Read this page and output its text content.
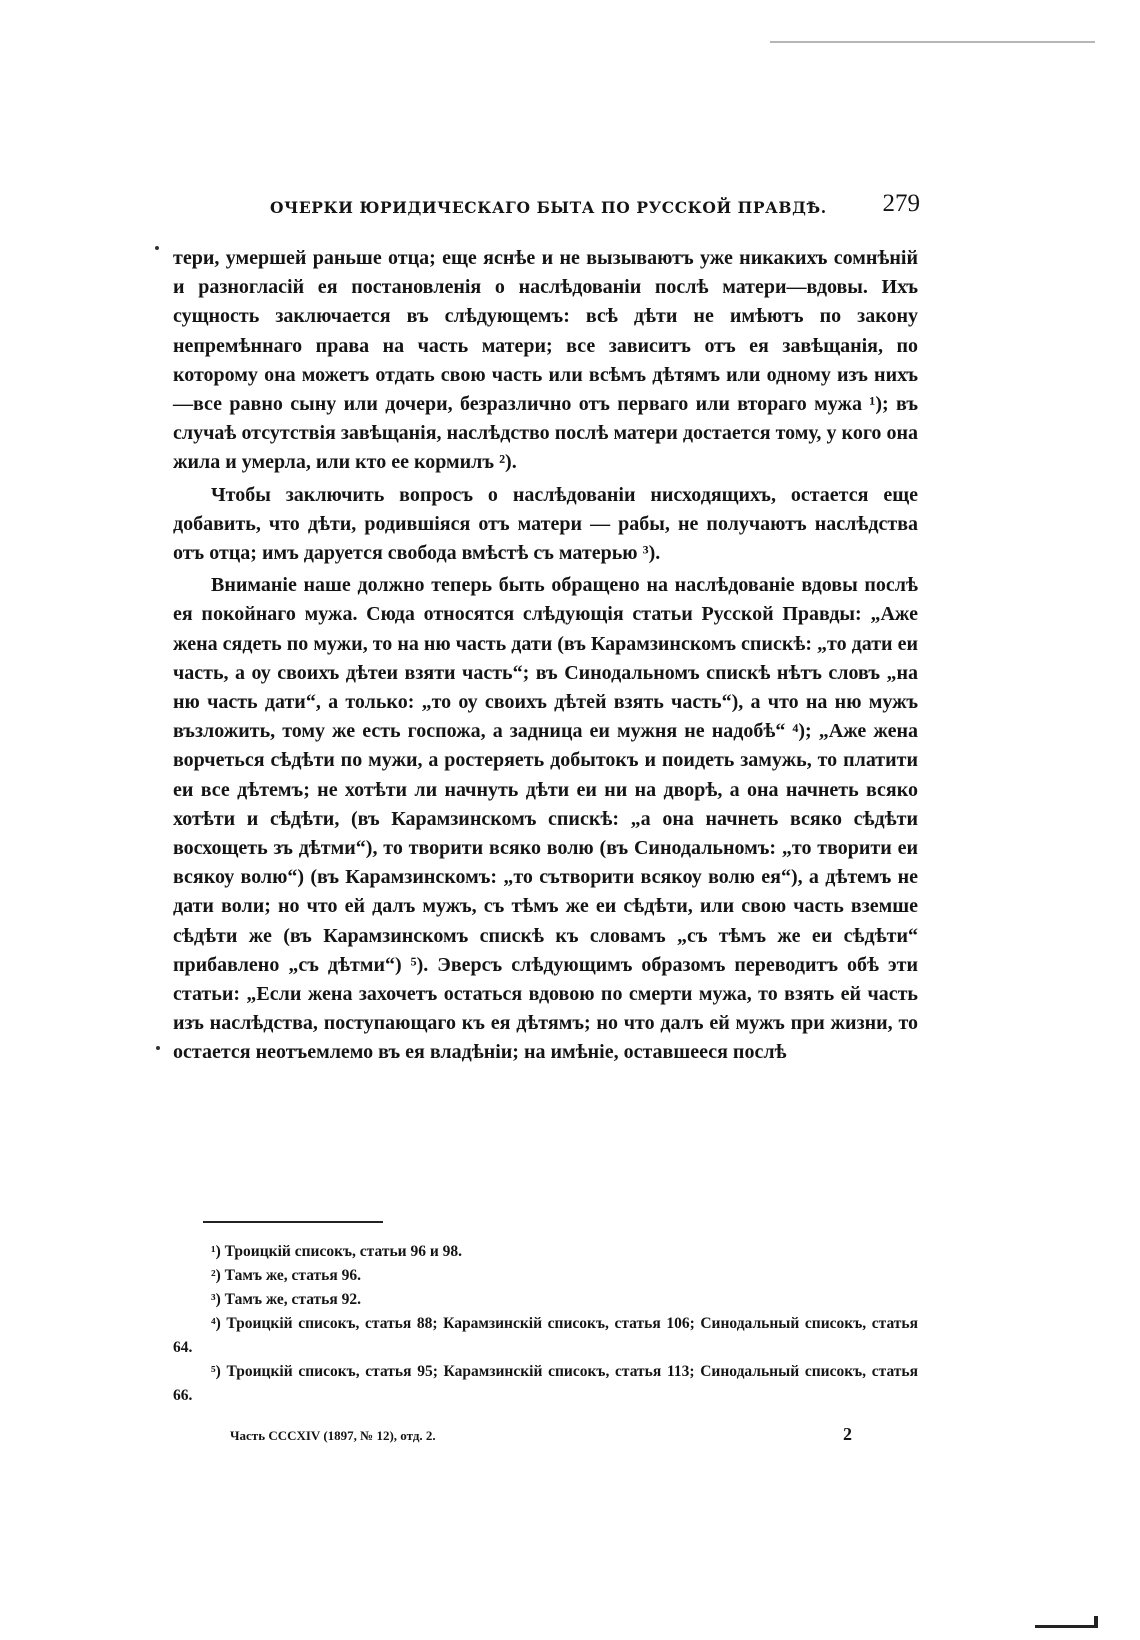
ОЧЕРКИ ЮРИДИЧЕСКАГО БЫТА ПО РУССКОЙ ПРАВДѢ. 279

тери, умершей раньше отца; еще яснѣе и не вызываютъ уже никакихъ сомнѣній и разногласій ея постановленія о наслѣдованіи послѣ матери—вдовы. Ихъ сущность заключается въ слѣдующемъ: всѣ дѣти не имѣютъ по закону непремѣннаго права на часть матери; все зависитъ отъ ея завѣщанія, по которому она можетъ отдать свою часть или всѣмъ дѣтямъ или одному изъ нихъ—все равно сыну или дочери, безразлично отъ перваго или втораго мужа ¹); въ случаѣ отсутствія завѣщанія, наслѣдство послѣ матери достается тому, у кого она жила и умерла, или кто ее кормилъ ²).

Чтобы заключить вопросъ о наслѣдованіи нисходящихъ, остается еще добавить, что дѣти, родившіяся отъ матери — рабы, не получаютъ наслѣдства отъ отца; имъ даруется свобода вмѣстѣ съ матерью ³).

Вниманіе наше должно теперь быть обращено на наслѣдованіе вдовы послѣ ея покойнаго мужа. Сюда относятся слѣдующія статьи Русской Правды: „Аже жена сядеть по мужи, то на ню часть дати (въ Карамзинскомъ спискѣ: „то дати еи часть, а оу своихъ дѣтеи взяти часть“; въ Синодальномъ спискѣ нѣтъ словъ „на ню часть дати“, а только: „то оу своихъ дѣтей взять часть“), а что на ню мужъ възложить, тому же есть госпожа, а задница еи мужня не надобѣ“ ⁴); „Аже жена ворчеться сѣдѣти по мужи, а ростеряеть добытокъ и поидеть замужь, то платити еи все дѣтемъ; не хотѣти ли начнуть дѣти еи ни на дворѣ, а она начнеть всяко хотѣти и сѣдѣти, (въ Карамзинскомъ спискѣ: „а она начнеть всяко сѣдѣти восхощеть зъ дѣтми“), то творити всяко волю (въ Синодальномъ: „то творити еи всякоу волю“) (въ Карамзинскомъ: „то сътворити всякоу волю ея“), а дѣтемъ не дати воли; но что ей далъ мужъ, съ тѣмъ же еи сѣдѣти, или свою часть вземше сѣдѣти же (въ Карамзинскомъ спискѣ къ словамъ „съ тѣмъ же еи сѣдѣти“ прибавлено „съ дѣтми“) ⁵). Эверсъ слѣдующимъ образомъ переводитъ обѣ эти статьи: „Если жена захочетъ остаться вдовою по смерти мужа, то взять ей часть изъ наслѣдства, поступающаго къ ея дѣтямъ; но что далъ ей мужъ при жизни, то остается неотъемлемо въ ея владѣніи; на имѣніе, оставшееся послѣ

¹) Троицкій списокъ, статьи 96 и 98.

²) Тамъ же, статья 96.

³) Тамъ же, статья 92.

⁴) Троицкій списокъ, статья 88; Карамзинскій списокъ, статья 106; Синодальный списокъ, статья 64.

⁵) Троицкій списокъ, статья 95; Карамзинскій списокъ, статья 113; Синодальный списокъ, статья 66.

Часть CCCXIV (1897, № 12), отд. 2.	2
